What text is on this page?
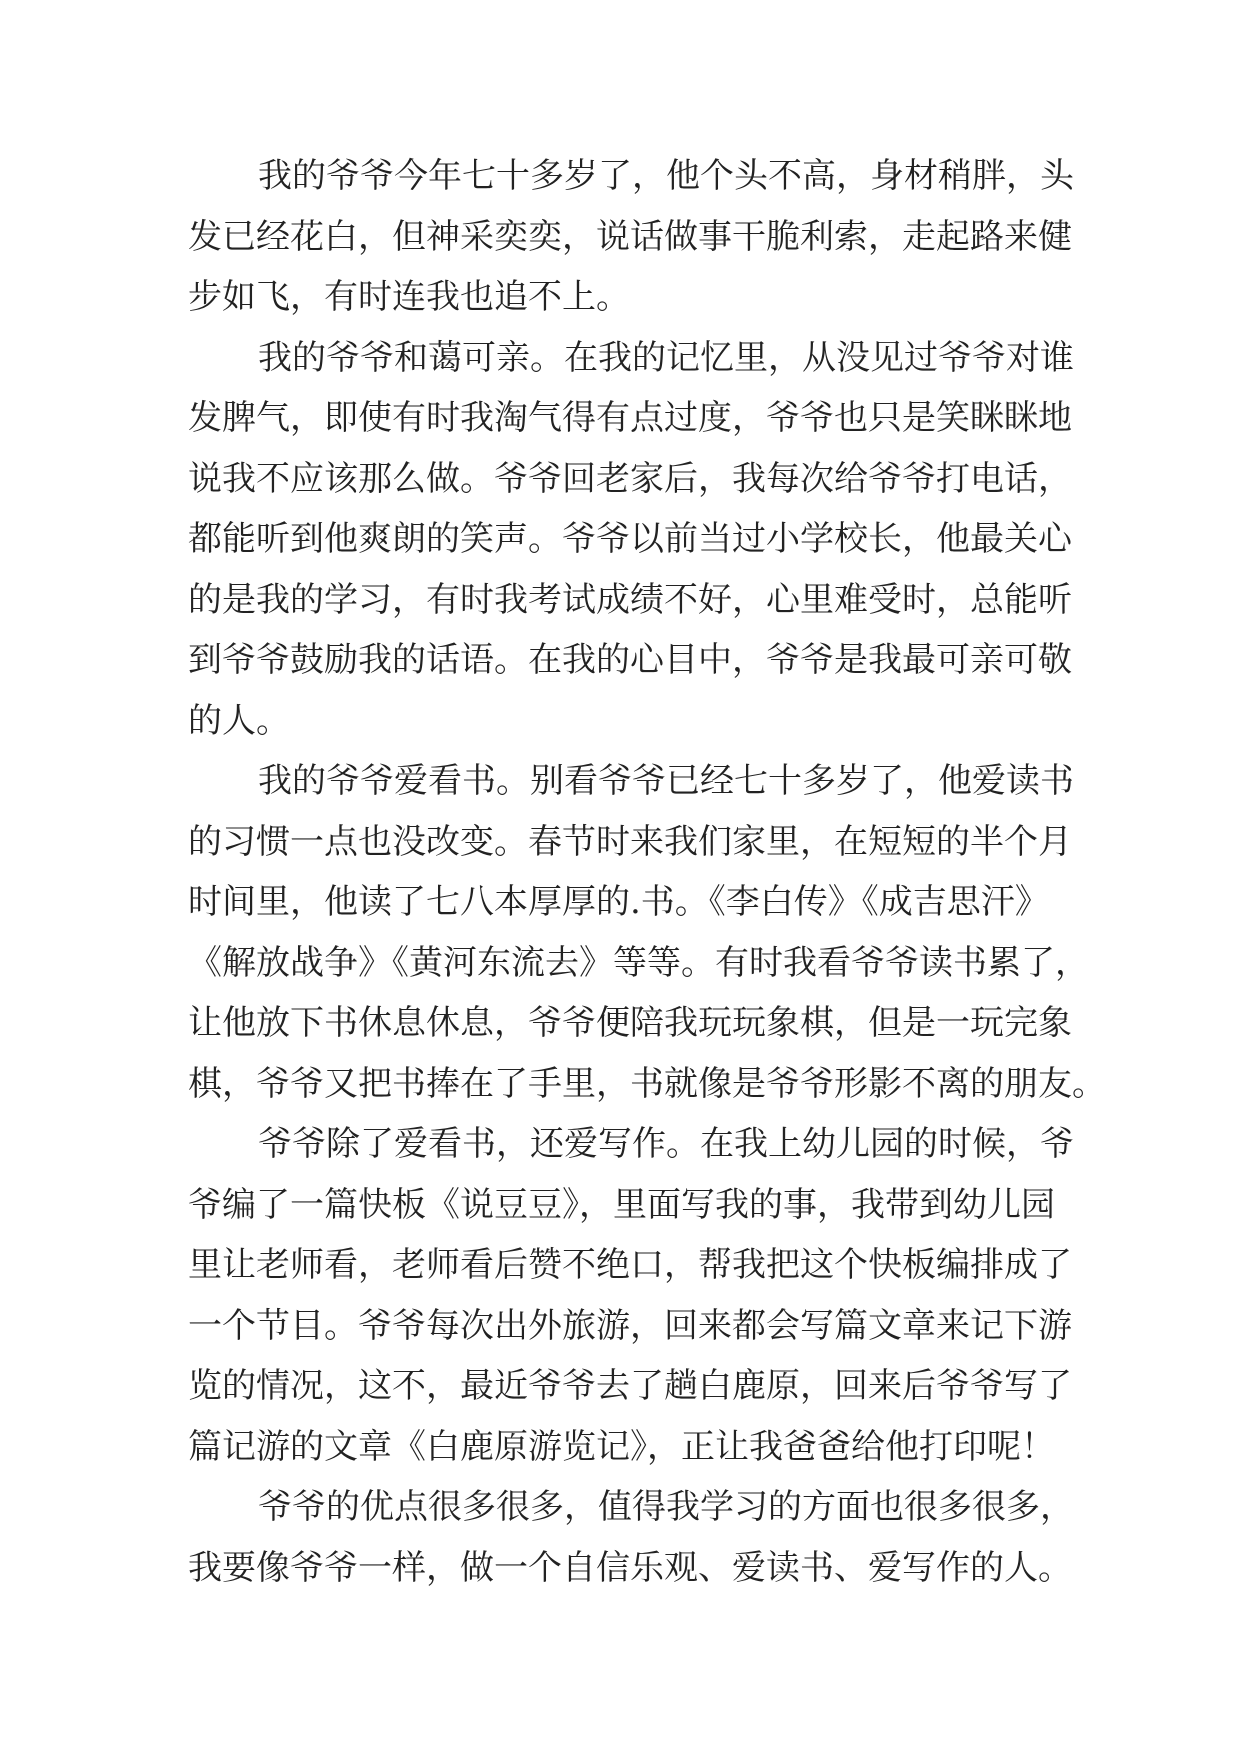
我的爷爷今年七十多岁了，他个头不高，身材稍胖，头
发已经花白，但神采奕奕，说话做事干脆利索，走起路来健
步如飞，有时连我也追不上。
我的爷爷和蔼可亲。在我的记忆里，从没见过爷爷对谁
发脾气，即使有时我淘气得有点过度，爷爷也只是笑眯眯地
说我不应该那么做。爷爷回老家后，我每次给爷爷打电话，
都能听到他爽朗的笑声。爷爷以前当过小学校长，他最关心
的是我的学习，有时我考试成绩不好，心里难受时，总能听
到爷爷鼓励我的话语。在我的心目中，爷爷是我最可亲可敬
的人。
我的爷爷爱看书。别看爷爷已经七十多岁了，他爱读书
的习惯一点也没改变。春节时来我们家里，在短短的半个月
时间里，他读了七八本厚厚的.书。《李白传》《成吉思汗》
《解放战争》《黄河东流去》等等。有时我看爷爷读书累了，
让他放下书休息休息，爷爷便陪我玩玩象棋，但是一玩完象
棋，爷爷又把书捧在了手里，书就像是爷爷形影不离的朋友。
爷爷除了爱看书，还爱写作。在我上幼儿园的时候，爷
爷编了一篇快板《说豆豆》，里面写我的事，我带到幼儿园
里让老师看，老师看后赞不绝口，帮我把这个快板编排成了
一个节目。爷爷每次出外旅游，回来都会写篇文章来记下游
览的情况，这不，最近爷爷去了趟白鹿原，回来后爷爷写了
篇记游的文章《白鹿原游览记》，正让我爸爸给他打印呢！
爷爷的优点很多很多，值得我学习的方面也很多很多，
我要像爷爷一样，做一个自信乐观、爱读书、爱写作的人。
